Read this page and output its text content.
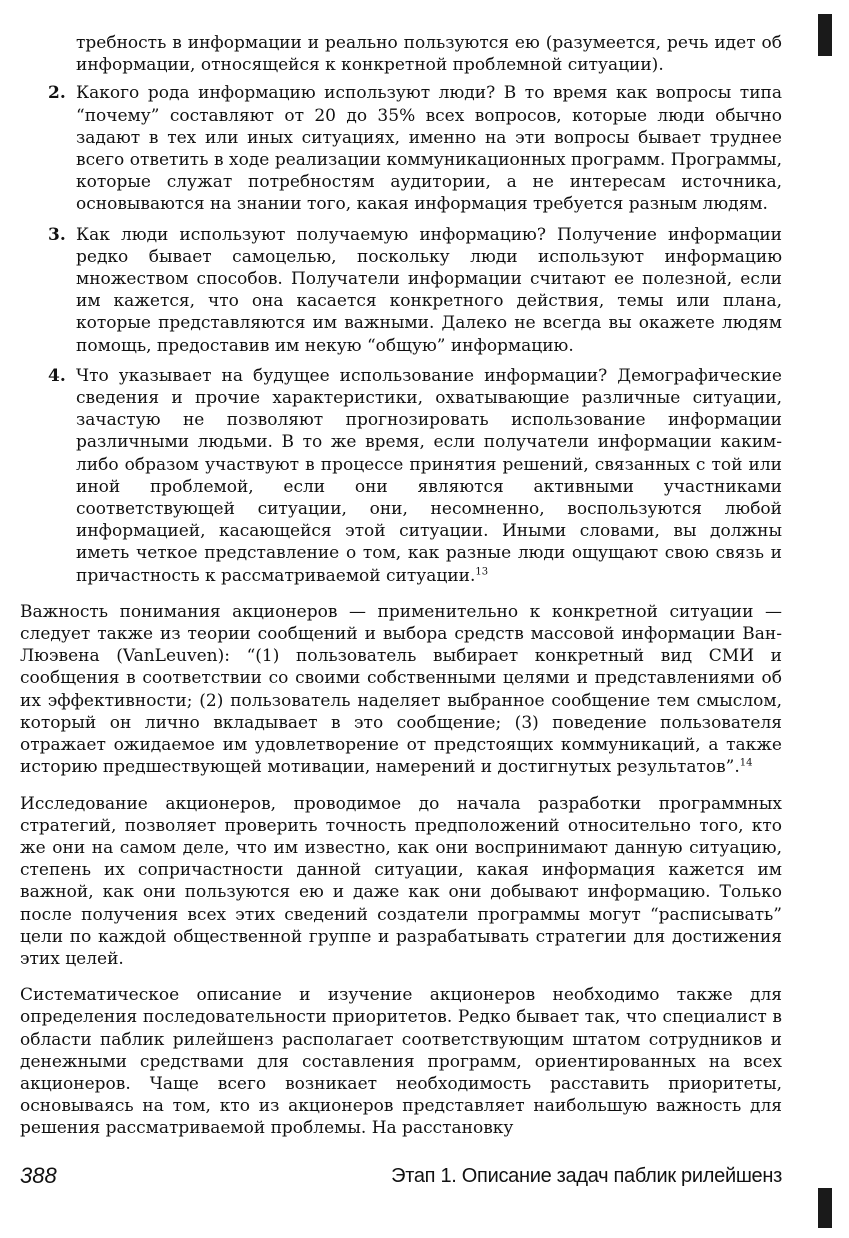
требность в информации и реально пользуются ею (разумеется, речь идет об информации, относящейся к конкретной проблемной ситуации).

2. Какого рода информацию используют люди? В то время как вопросы типа “почему” составляют от 20 до 35% всех вопросов, которые люди обычно задают в тех или иных ситуациях, именно на эти вопросы бывает труднее всего ответить в ходе реализации коммуникационных программ. Программы, которые служат потребностям аудитории, а не интересам источника, основываются на знании того, какая информация требуется разным людям.
3. Как люди используют получаемую информацию? Получение информации редко бывает самоцелью, поскольку люди используют информацию множеством способов. Получатели информации считают ее полезной, если им кажется, что она касается конкретного действия, темы или плана, которые представляются им важными. Далеко не всегда вы окажете людям помощь, предоставив им некую “общую” информацию.
4. Что указывает на будущее использование информации? Демографические сведения и прочие характеристики, охватывающие различные ситуации, зачастую не позволяют прогнозировать использование информации различными людьми. В то же время, если получатели информации каким-либо образом участвуют в процессе принятия решений, связанных с той или иной проблемой, если они являются активными участниками соответствующей ситуации, они, несомненно, воспользуются любой информацией, касающейся этой ситуации. Иными словами, вы должны иметь четкое представление о том, как разные люди ощущают свою связь и причастность к рассматриваемой ситуации.$^{13}$

Важность понимания акционеров — применительно к конкретной ситуации — следует также из теории сообщений и выбора средств массовой информации Ван-Люэвена (VanLeuven): “(1) пользователь выбирает конкретный вид СМИ и сообщения в соответствии со своими собственными целями и представлениями об их эффективности; (2) пользователь наделяет выбранное сообщение тем смыслом, который он лично вкладывает в это сообщение; (3) поведение пользователя отражает ожидаемое им удовлетворение от предстоящих коммуникаций, а также историю предшествующей мотивации, намерений и достигнутых результатов”.$^{14}$

Исследование акционеров, проводимое до начала разработки программных стратегий, позволяет проверить точность предположений относительно того, кто же они на самом деле, что им известно, как они воспринимают данную ситуацию, степень их сопричастности данной ситуации, какая информация кажется им важной, как они пользуются ею и даже как они добывают информацию. Только после получения всех этих сведений создатели программы могут “расписывать” цели по каждой общественной группе и разрабатывать стратегии для достижения этих целей.

Систематическое описание и изучение акционеров необходимо также для определения последовательности приоритетов. Редко бывает так, что специалист в области паблик рилейшенз располагает соответствующим штатом сотрудников и денежными средствами для составления программ, ориентированных на всех акционеров. Чаще всего возникает необходимость расставить приоритеты, основываясь на том, кто из акционеров представляет наибольшую важность для решения рассматриваемой проблемы. На расстановку

388	Этап 1. Описание задач паблик рилейшенз
